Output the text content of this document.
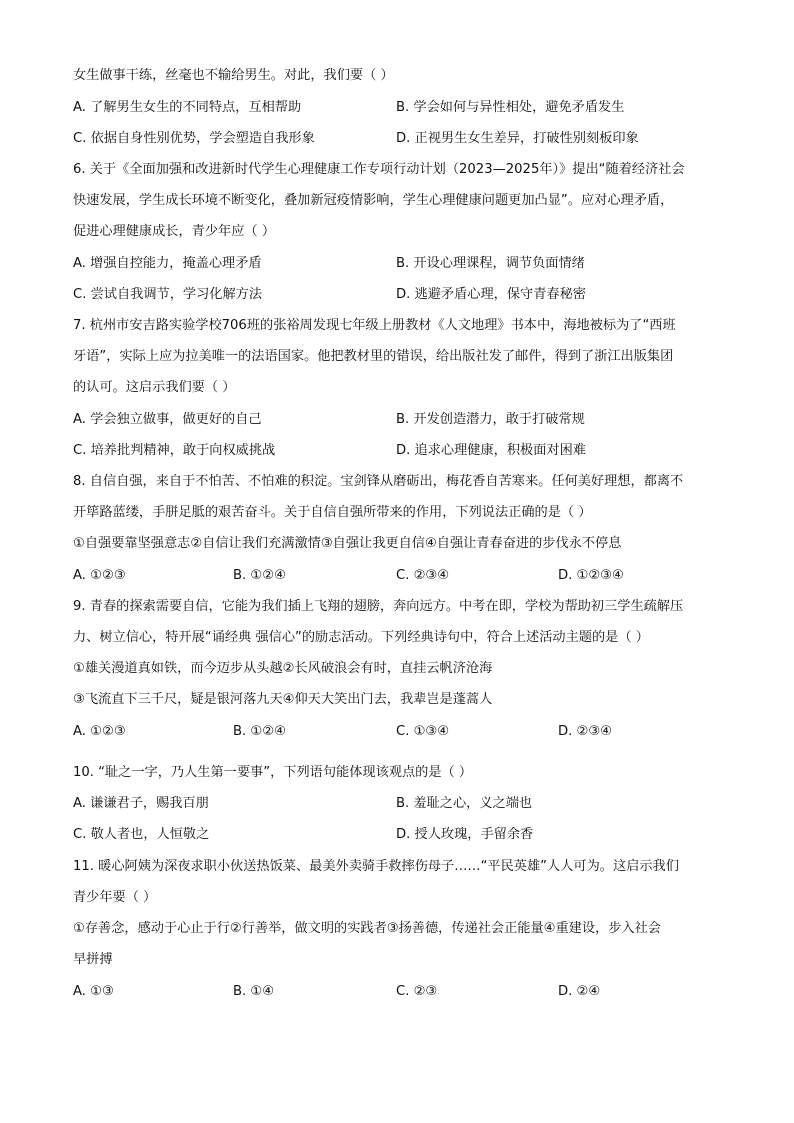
女生做事干练，丝毫也不输给男生。对此，我们要（ ）
A. 了解男生女生的不同特点，互相帮助	B. 学会如何与异性相处，避免矛盾发生
C. 依据自身性别优势，学会塑造自我形象	D. 正视男生女生差异，打破性别刻板印象
6. 关于《全面加强和改进新时代学生心理健康工作专项行动计划（2023—2025年）》提出“随着经济社会
快速发展，学生成长环境不断变化，叠加新冠疫情影响，学生心理健康问题更加凸显”。应对心理矛盾，
促进心理健康成长，青少年应（ ）
A. 增强自控能力，掩盖心理矛盾	B. 开设心理课程，调节负面情绪
C. 尝试自我调节，学习化解方法	D. 逃避矛盾心理，保守青春秘密
7. 杭州市安吉路实验学校706班的张裕周发现七年级上册教材《人文地理》书本中，海地被标为了“西班
牙语”，实际上应为拉美唯一的法语国家。他把教材里的错误，给出版社发了邮件，得到了浙江出版集团
的认可。这启示我们要（ ）
A. 学会独立做事，做更好的自己	B. 开发创造潜力，敢于打破常规
C. 培养批判精神，敢于向权威挑战	D. 追求心理健康，积极面对困难
8. 自信自强，来自于不怕苦、不怕难的积淀。宝剑锋从磨砺出，梅花香自苦寒来。任何美好理想，都离不
开筚路蓝缕，手胼足胝的艰苦奋斗。关于自信自强所带来的作用，下列说法正确的是（ ）
①自强要靠坚强意志②自信让我们充满激情③自强让我更自信④自强让青春奋进的步伐永不停息
A. ①②③	B. ①②④	C. ②③④	D. ①②③④
9. 青春的探索需要自信，它能为我们插上飞翔的翅膀，奔向远方。中考在即，学校为帮助初三学生疏解压
力、树立信心，特开展“诵经典 强信心”的励志活动。下列经典诗句中，符合上述活动主题的是（ ）
①雄关漫道真如铁，而今迈步从头越②长风破浪会有时，直挂云帆济沧海
③飞流直下三千尺，疑是银河落九天④仰天大笑出门去，我辈岂是蓬蒿人
A. ①②③	B. ①②④	C. ①③④	D. ②③④
10. “耻之一字，乃人生第一要事”，下列语句能体现该观点的是（ ）
A. 谦谦君子，赐我百朋	B. 羞耻之心，义之端也
C. 敬人者也，人恒敬之	D. 授人玫瑰，手留余香
11. 暖心阿姨为深夜求职小伙送热饭菜、最美外卖骑手救摔伤母子……“平民英雄”人人可为。这启示我们
青少年要（ ）
①存善念，感动于心止于行②行善举，做文明的实践者③扬善德，传递社会正能量④重建设，步入社会
早拼搏
A. ①③	B. ①④	C. ②③	D. ②④
